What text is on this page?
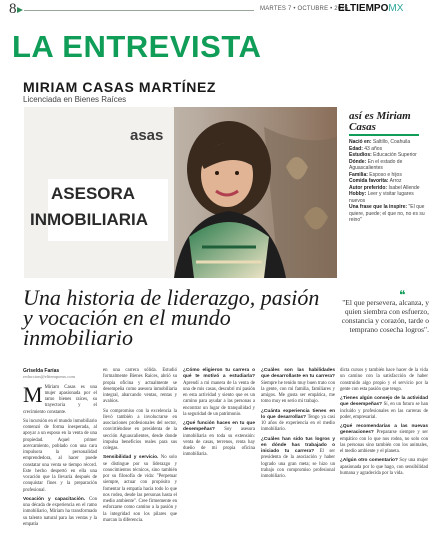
8	MARTES 7 • OCTUBRE • 2025
ELTIEMPOMX
LA ENTREVISTA
MIRIAM CASAS MARTÍNEZ
Licenciada en Bienes Raíces
asas
ASESORA
INMOBILIARIA
así es Miriam Casas
Nació en: Saltillo, Coahuila
Edad: 43 años
Estudios: Educación Superior
Dónde: En el estado de Aguascalientes
Familia: Esposo e hijos
Comida favorita: Arroz
Autor preferido: Isabel Allende
Hobby: Leer y visitar lugares nuevos
Una frase que la inspire: "El que quiere, puede; el que no, no es su reino"
Una historia de liderazgo, pasión y vocación en el mundo inmobiliario
❝
"El que persevera, alcanza, y quien siembra con esfuerzo, constancia y corazón, tarde o temprano cosecha logros".
Griselda Farías
redaccion@eltiempomx.com

M Miriam Casas es una mujer apasionada por el ramo bienes raíces, su trayectoria y el crecimiento constante.

Su incursión en el mundo inmobiliario comenzó de forma inesperada, al apoyar a un esposo en la venta de una propiedad. Aquel primer acercamiento, poblado con una cara impulsora la personalidad emprendedora, al hacer puede constatar una venta se tiempo récord. Este hecho despertó en ella una vocación que la llevaría después de conquistar fines y la preparación profesional.

Vocación y capacitación. Con una década de experiencia en el ramo inmobiliario, Miriam ha transformado su talento natural para las ventas y la empatía

en una carrera sólida. Estudió formalmente Bienes Raíces, abrió su propia oficina y actualmente se desempeña como asesora inmobiliaria integral, abarcando ventas, rentas y avalúos.

Su compromiso con la excelencia la llevó también a involucrarse en asociaciones profesionales del sector, convirtiéndose en presidenta de la sección Aguascalientes, desde donde impulsa beneficios reales para sus colegas.

Sensibilidad y servicio. No solo se distingue por su liderazgo y conocimientos técnicos, sino también por su filosofía de vida: "Perpetuar siempre, actuar con propósito y fomentar la empatía hacia todo lo que nos rodea, desde las personas hasta el medio ambiente". Cree firmemente en esforzarse como camino a la pasión y la integridad son los pilares que marcan la diferencia.

¿Cómo eligieron tu carrera o qué te motivó a estudiarla? Aprendí a mi manera de la venta de una de mis casas, descubrí mi pasión en esta actividad y siento que es un camino para ayudar a las personas a encontrar un lugar de tranquilidad y la seguridad de un patrimonio.

¿Qué función haces en tu que desempeñas? Soy asesora inmobiliaria en toda su extensión: venta de casas, terrenos, renta hay dueño de mi propia oficina inmobiliaria.

¿Cuáles son las habilidades que desarrollaste en tu carrera? Siempre he tenido muy buen trato con la gente, con mi familia, familiares y amigos. Me gusta ser empática, me tomo muy en serio mi trabajo.

¿Cuánta experiencia tienes en lo que desarrollas? Tengo ya casi 10 años de experiencia en el medio inmobiliario.

¿Cuáles han sido tus logros y en dónde has trabajado o iniciado tu carrera? El ser presidenta de la asociación y haber logrado una gran meta; se hizo un trabajo con compromiso profesional inmobiliario.

dicta cursos y también hace hacer de la vida un camino con la satisfacción de haber construido algo propio y el servicio por la gente con esta pasión que tengo.

¿Tienes algún consejo de la actividad que desempeñas? Sí, en un futuro se han incluido y profesionales en las carreras de poder, empresarial.

¿Qué recomendarías a las nuevas generaciones? Prepararse siempre y ser empático con lo que nos rodea, no solo con las personas sino también con los animales, el medio ambiente y el planeta.

¿Algún otro comentario? Soy una mujer apasionada por lo que hago, con sensibilidad humana y agradecida por la vida.
